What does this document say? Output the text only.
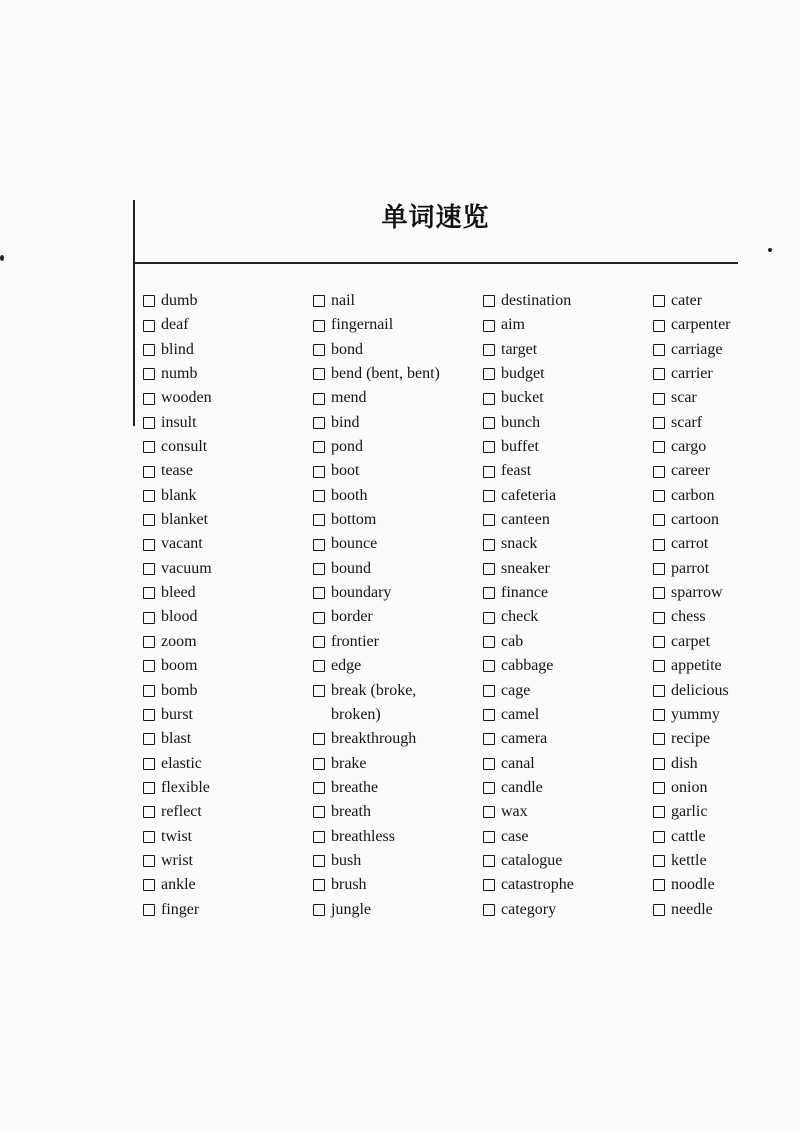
单词速览
dumb
deaf
blind
numb
wooden
insult
consult
tease
blank
blanket
vacant
vacuum
bleed
blood
zoom
boom
bomb
burst
blast
elastic
flexible
reflect
twist
wrist
ankle
finger
nail
fingernail
bond
bend (bent, bent)
mend
bind
pond
boot
booth
bottom
bounce
bound
boundary
border
frontier
edge
break (broke,
broken)
breakthrough
brake
breathe
breath
breathless
bush
brush
jungle
destination
aim
target
budget
bucket
bunch
buffet
feast
cafeteria
canteen
snack
sneaker
finance
check
cab
cabbage
cage
camel
camera
canal
candle
wax
case
catalogue
catastrophe
category
cater
carpenter
carriage
carrier
scar
scarf
cargo
career
carbon
cartoon
carrot
parrot
sparrow
chess
carpet
appetite
delicious
yummy
recipe
dish
onion
garlic
cattle
kettle
noodle
needle
